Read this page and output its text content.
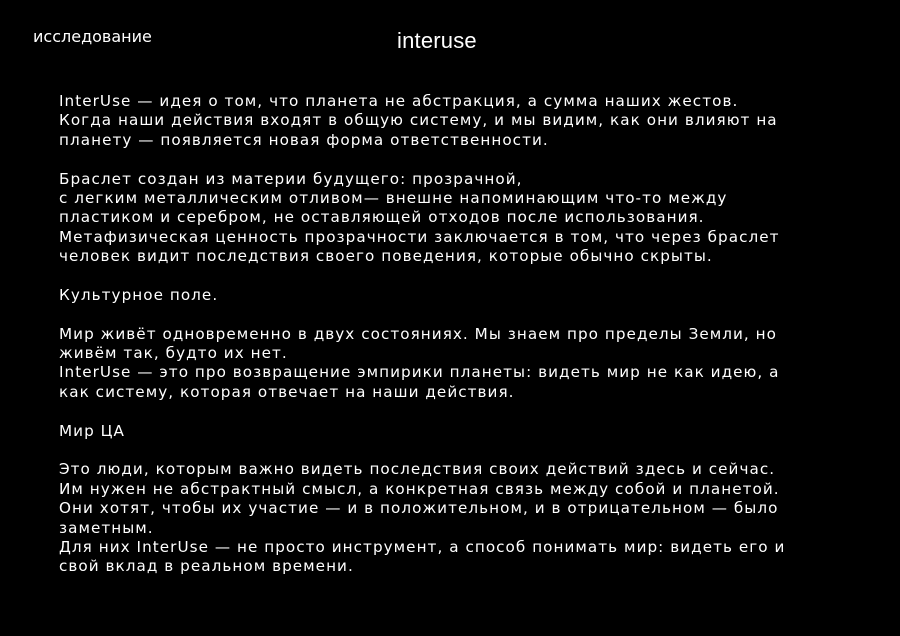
исследование	interuse
InterUse — идея о том, что планета не абстракция, а сумма наших жестов.
Когда наши действия входят в общую систему, и мы видим, как они влияют на
планету — появляется новая форма ответственности.
Браслет создан из материи будущего: прозрачной,
с легким металлическим отливом— внешне напоминающим что-то между
пластиком и серебром, не оставляющей отходов после использования.
Метафизическая ценность прозрачности заключается в том, что через браслет
человек видит последствия своего поведения, которые обычно скрыты.
Культурное поле.
Мир живёт одновременно в двух состояниях. Мы знаем про пределы Земли, но
живём так, будто их нет.
InterUse — это про возвращение эмпирики планеты: видеть мир не как идею, а
как систему, которая отвечает на наши действия.
Мир ЦА
Это люди, которым важно видеть последствия своих действий здесь и сейчас.
Им нужен не абстрактный смысл, а конкретная связь между собой и планетой.
Они хотят, чтобы их участие — и в положительном, и в отрицательном — было
заметным.
Для них InterUse — не просто инструмент, а способ понимать мир: видеть его и
свой вклад в реальном времени.
